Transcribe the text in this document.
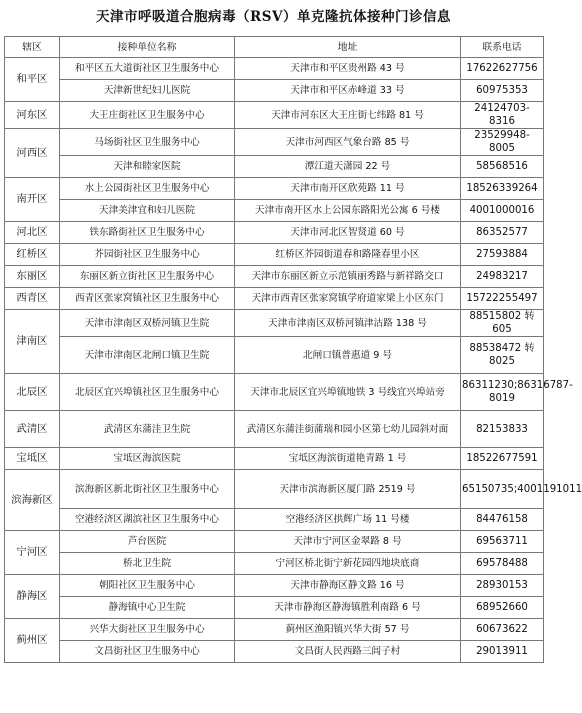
天津市呼吸道合胞病毒（RSV）单克隆抗体接种门诊信息
辖区	接种单位名称	地址	联系电话
和平区	和平区五大道街社区卫生服务中心	天津市和平区贵州路 43 号	17622627756
	天津新世纪妇儿医院	天津市和平区赤峰道 33 号	60975353
河东区	大王庄街社区卫生服务中心	天津市河东区大王庄街七纬路 81 号	24124703-8316
河西区	马场街社区卫生服务中心	天津市河西区气象台路 85 号	23529948-8005
	天津和睦家医院	潭江道天潇园 22 号	58568516
南开区	水上公园街社区卫生服务中心	天津市南开区欣苑路 11 号	18526339264
	天津美津宜和妇儿医院	天津市南开区水上公园东路阳光公寓 6 号楼	4001000016
河北区	铁东路街社区卫生服务中心	天津市河北区智贤道 60 号	86352577
红桥区	芥园街社区卫生服务中心	红桥区芥园街道春和路隆春里小区	27593884
东丽区	东丽区新立街社区卫生服务中心	天津市东丽区新立示范镇丽秀路与新祥路交口	24983217
西青区	西青区张家窝镇社区卫生服务中心	天津市西青区张家窝镇学府道家梁上小区东门	15722255497
津南区	天津市津南区双桥河镇卫生院	天津市津南区双桥河镇津沽路 138 号	88515802 转 605
	天津市津南区北闸口镇卫生院	北闸口镇普惠道 9 号	88538472 转 8025
北辰区	北辰区宜兴埠镇社区卫生服务中心	天津市北辰区宜兴埠镇地铁 3 号线宜兴埠站旁	86311230;86316787-8019
武清区	武清区东蒲洼卫生院	武清区东蒲洼街蒲瑞和园小区第七幼儿园斜对面	82153833
宝坻区	宝坻区海滨医院	宝坻区海滨街道艳青路 1 号	18522677591
滨海新区	滨海新区新北街社区卫生服务中心	天津市滨海新区厦门路 2519 号	65150735;4001191011
	空港经济区湖滨社区卫生服务中心	空港经济区拱辉广场 11 号楼	84476158
宁河区	芦台医院	天津市宁河区金翠路 8 号	69563711
	桥北卫生院	宁河区桥北街宁新花园四地块底商	69578488
静海区	朝阳社区卫生服务中心	天津市静海区静文路 16 号	28930153
	静海镇中心卫生院	天津市静海区静海镇胜利南路 6 号	68952660
蓟州区	兴华大街社区卫生服务中心	蓟州区渔阳镇兴华大街 57 号	60673622
	文昌街社区卫生服务中心	文昌街人民西路三闾子村	29013911
